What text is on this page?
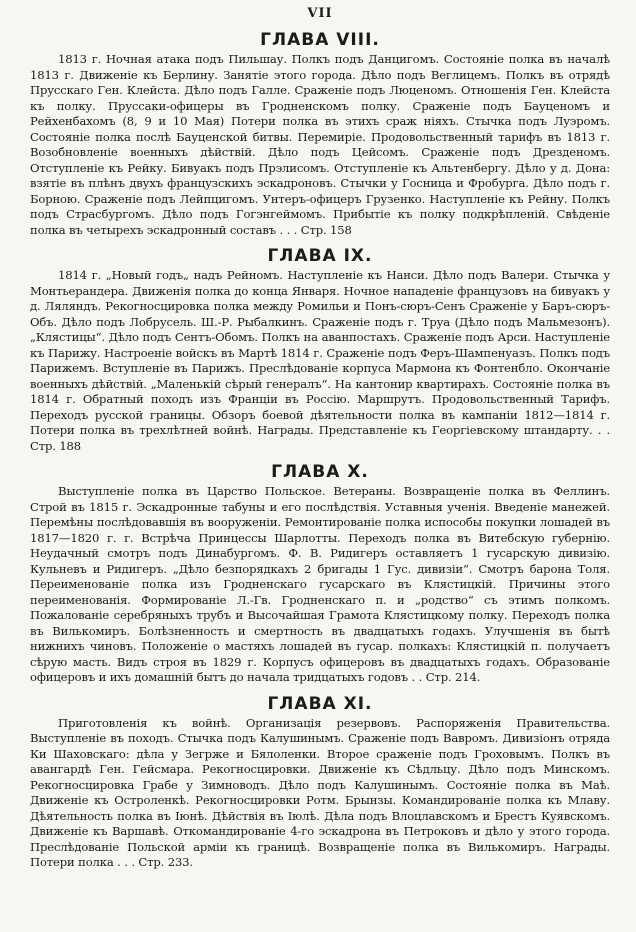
VII
ГЛАВА VIII.

1813 г. Ночная атака подъ Пильшау. Полкъ подъ Данцигомъ. Состояніе полка въ началѣ 1813 г. Движеніе къ Берлину. Занятіе этого города. Дѣло подъ Веглицемъ. Полкъ въ отрядѣ Прусскаго Ген. Клейста. Дѣло подъ Галле. Сраженіе подъ Люценомъ. Отношенія Ген. Клейста къ полку. Пруссаки-офицеры въ Гродненскомъ полку. Сраженіе подъ Бауценомъ и Рейхенбахомъ (8, 9 и 10 Мая) Потери полка въ этихъ сраж ніяхъ. Стычка подъ Луэромъ. Состояніе полка послѣ Бауценской битвы. Перемиріе. Продовольственный тарифъ въ 1813 г. Возобновленіе военныхъ дѣйствій. Дѣло подъ Цейсомъ. Сраженіе подъ Дрезденомъ. Отступленіе къ Рейку. Бивуакъ подъ Прэлисомъ. Отступленіе къ Альтенбергу. Дѣло у д. Дона: взятіе въ плѣнъ двухъ французскихъ эскадроновъ. Стычки у Госница и Фробурга. Дѣло подъ г. Борною. Сраженіе подъ Лейпцигомъ. Унтеръ-офицеръ Грузенко. Наступленіе къ Рейну. Полкъ подъ Страсбургомъ. Дѣло подъ Гогэнгеймомъ. Прибытіе къ полку подкрѣпленій. Свѣденіе полка въ четырехъ эскадронный составъ . . . Стр. 158

ГЛАВА IX.

1814 г. „Новый годъ„ надъ Рейномъ. Наступленіе къ Нанси. Дѣло подъ Валери. Стычка у Монтьерандера. Движенія полка до конца Января. Ночное нападеніе французовъ на бивуакъ у д. Ляляндъ. Рекогносцировка полка между Ромильи и Понъ-сюръ-Сенъ Сраженіе у Баръ-сюръ-Объ. Дѣло подъ Лобрусель. Ш.-Р. Рыбалкинъ. Сраженіе подъ г. Труа (Дѣло подъ Мальмезонъ). „Клястицы“. Дѣло подъ Сентъ-Обомъ. Полкъ на аванпостахъ. Сраженіе подъ Арси. Наступленіе къ Парижу. Настроеніе войскъ въ Мартѣ 1814 г. Сраженіе подъ Феръ-Шампенуазъ. Полкъ подъ Парижемъ. Вступленіе въ Парижъ. Преслѣдованіе корпуса Мармона къ Фонтенбло. Окончаніе военныхъ дѣйствій. „Маленькій сѣрый генералъ“. На кантонир квартирахъ. Состояніе полка въ 1814 г. Обратный походъ изъ Франціи въ Россію. Маршрутъ. Продовольственный Тарифъ. Переходъ русской границы. Обзоръ боевой дѣятельности полка въ кампаніи 1812—1814 г. Потери полка въ трехлѣтней войнѣ. Награды. Представленіе къ Георгіевскому штандарту. . . Стр. 188

ГЛАВА X.

Выступленіе полка въ Царство Польское. Ветераны. Возвращеніе полка въ Феллинъ. Строй въ 1815 г. Эскадронные табуны и его послѣдствія. Уставныя ученія. Введеніе манежей. Перемѣны послѣдовавшія въ вооруженіи. Ремонтированіе полка испособы покупки лошадей въ 1817—1820 г. г. Встрѣча Принцессы Шарлотты. Переходъ полка въ Витебскую губернію. Неудачный смотръ подъ Динабургомъ. Ф. В. Ридигеръ оставляетъ 1 гусарскую дивизію. Кульневъ и Ридигеръ. „Дѣло безпорядкахъ 2 бригады 1 Гус. дивизіи“. Смотръ барона Толя. Переименованіе полка изъ Гродненскаго гусарскаго въ Клястицкій. Причины этого переименованія. Формированіе Л.-Гв. Гродненскаго п. и „родство“ съ этимъ полкомъ. Пожалованіе серебряныхъ трубъ и Высочайшая Грамота Клястицкому полку. Переходъ полка въ Вилькомиръ. Болѣзненность и смертность въ двадцатыхъ годахъ. Улучшенія въ бытѣ нижнихъ чиновъ. Положеніе о мастяхъ лошадей въ гусар. полкахъ: Клястицкій п. получаетъ сѣрую масть. Видъ строя въ 1829 г. Корпусъ офицеровъ въ двадцатыхъ годахъ. Образованіе офицеровъ и ихъ домашній бытъ до начала тридцатыхъ годовъ . . Стр. 214.

ГЛАВА XI.

Приготовленія къ войнѣ. Организація резервовъ. Распоряженія Правительства. Выступленіе въ походъ. Стычка подъ Калушинымъ. Сраженіе подъ Вавромъ. Дивизіонъ отряда Ки Шаховскаго: дѣла у Зегрже и Бялоленки. Второе сраженіе подъ Гроховымъ. Полкъ въ авангардѣ Ген. Гейсмара. Рекогносцировки. Движеніе къ Сѣдльцу. Дѣло подъ Минскомъ. Рекогносцировка Грабе у Зимноводъ. Дѣло подъ Калушинымъ. Состояніе полка въ Маѣ. Движеніе къ Остроленкѣ. Рекогносцировки Ротм. Брынзы. Командированіе полка къ Млаву. Дѣятельность полка въ Іюнѣ. Дѣйствія въ Іюлѣ. Дѣла подъ Влоцлавскомъ и Брестъ Куявскомъ. Движеніе къ Варшавѣ. Откомандированіе 4-го эскадрона въ Петроковъ и дѣло у этого города. Преслѣдованіе Польской арміи къ границѣ. Возвращеніе полка въ Вилькомиръ. Награды. Потери полка . . . Стр. 233.
